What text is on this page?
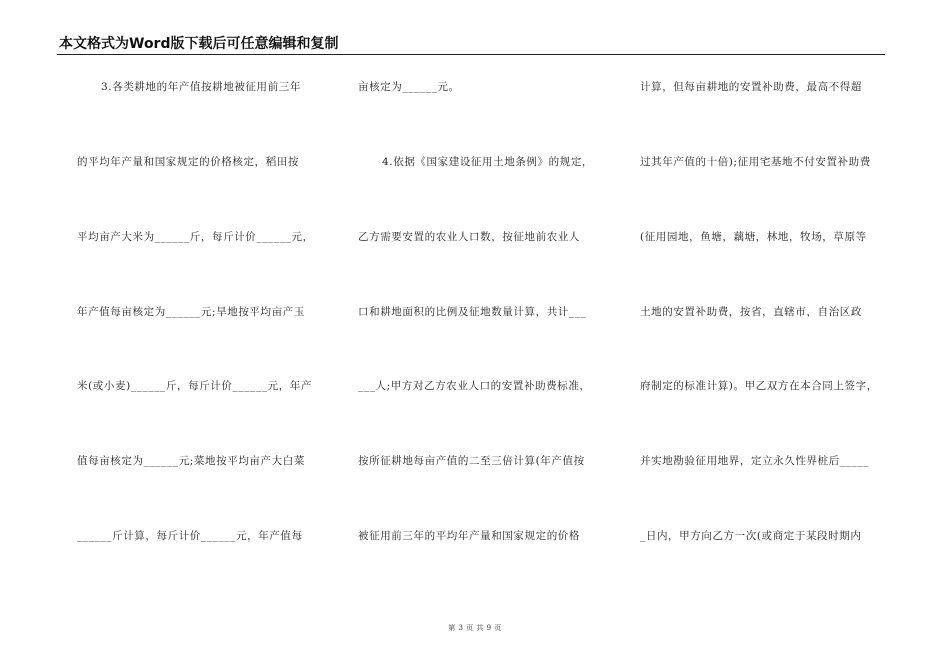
本文格式为Word版下载后可任意编辑和复制
3.各类耕地的年产值按耕地被征用前三年
的平均年产量和国家规定的价格核定，稻田按
平均亩产大米为______斤，每斤计价______元，
年产值每亩核定为______元;旱地按平均亩产玉
米(或小麦)______斤，每斤计价______元，年产
值每亩核定为______元;菜地按平均亩产大白菜
______斤计算，每斤计价______元，年产值每
亩核定为______元。
4.依据《国家建设征用土地条例》的规定，
乙方需要安置的农业人口数，按征地前农业人
口和耕地面积的比例及征地数量计算，共计___
___人;甲方对乙方农业人口的安置补助费标准，
按所征耕地每亩产值的二至三倍计算(年产值按
被征用前三年的平均年产量和国家规定的价格
计算，但每亩耕地的安置补助费，最高不得超
过其年产值的十倍);征用宅基地不付安置补助费
(征用园地，鱼塘，藕塘，林地，牧场，草原等
土地的安置补助费，按省，直辖市，自治区政
府制定的标准计算)。甲乙双方在本合同上签字，
并实地勘验征用地界，定立永久性界桩后_____
_日内，甲方向乙方一次(或商定于某段时期内
第 3 页 共 9 页
